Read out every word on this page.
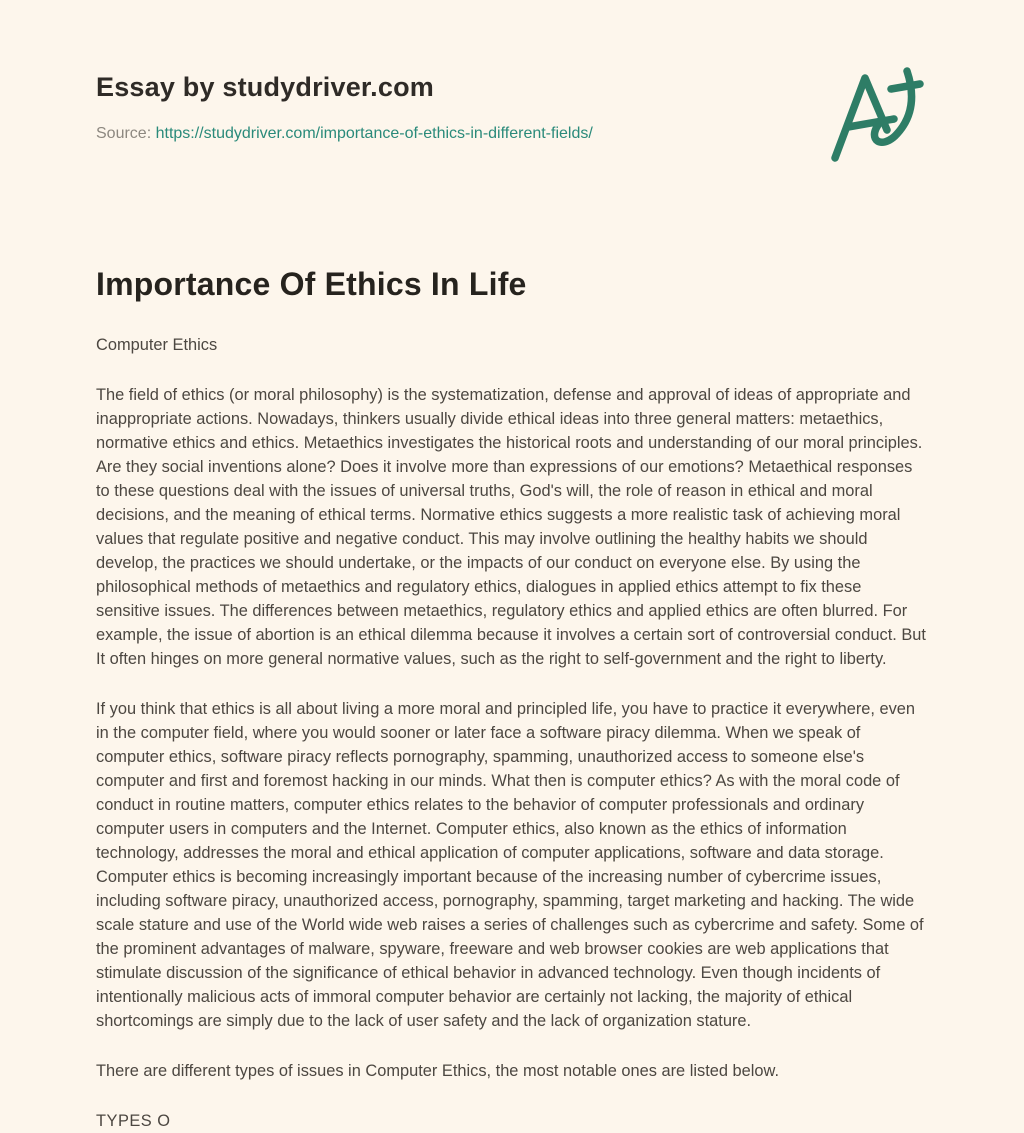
Essay by studydriver.com
Source: https://studydriver.com/importance-of-ethics-in-different-fields/
Importance Of Ethics In Life

Computer Ethics

The field of ethics (or moral philosophy) is the systematization, defense and approval of ideas of appropriate and inappropriate actions. Nowadays, thinkers usually divide ethical ideas into three general matters: metaethics, normative ethics and ethics. Metaethics investigates the historical roots and understanding of our moral principles. Are they social inventions alone? Does it involve more than expressions of our emotions? Metaethical responses to these questions deal with the issues of universal truths, God's will, the role of reason in ethical and moral decisions, and the meaning of ethical terms. Normative ethics suggests a more realistic task of achieving moral values that regulate positive and negative conduct. This may involve outlining the healthy habits we should develop, the practices we should undertake, or the impacts of our conduct on everyone else. By using the philosophical methods of metaethics and regulatory ethics, dialogues in applied ethics attempt to fix these sensitive issues. The differences between metaethics, regulatory ethics and applied ethics are often blurred. For example, the issue of abortion is an ethical dilemma because it involves a certain sort of controversial conduct. But It often hinges on more general normative values, such as the right to self-government and the right to liberty.

If you think that ethics is all about living a more moral and principled life, you have to practice it everywhere, even in the computer field, where you would sooner or later face a software piracy dilemma. When we speak of computer ethics, software piracy reflects pornography, spamming, unauthorized access to someone else's computer and first and foremost hacking in our minds. What then is computer ethics? As with the moral code of conduct in routine matters, computer ethics relates to the behavior of computer professionals and ordinary computer users in computers and the Internet. Computer ethics, also known as the ethics of information technology, addresses the moral and ethical application of computer applications, software and data storage. Computer ethics is becoming increasingly important because of the increasing number of cybercrime issues, including software piracy, unauthorized access, pornography, spamming, target marketing and hacking. The wide scale stature and use of the World wide web raises a series of challenges such as cybercrime and safety. Some of the prominent advantages of malware, spyware, freeware and web browser cookies are web applications that stimulate discussion of the significance of ethical behavior in advanced technology. Even though incidents of intentionally malicious acts of immoral computer behavior are certainly not lacking, the majority of ethical shortcomings are simply due to the lack of user safety and the lack of organization stature.

There are different types of issues in Computer Ethics, the most notable ones are listed below.

TYPES O
